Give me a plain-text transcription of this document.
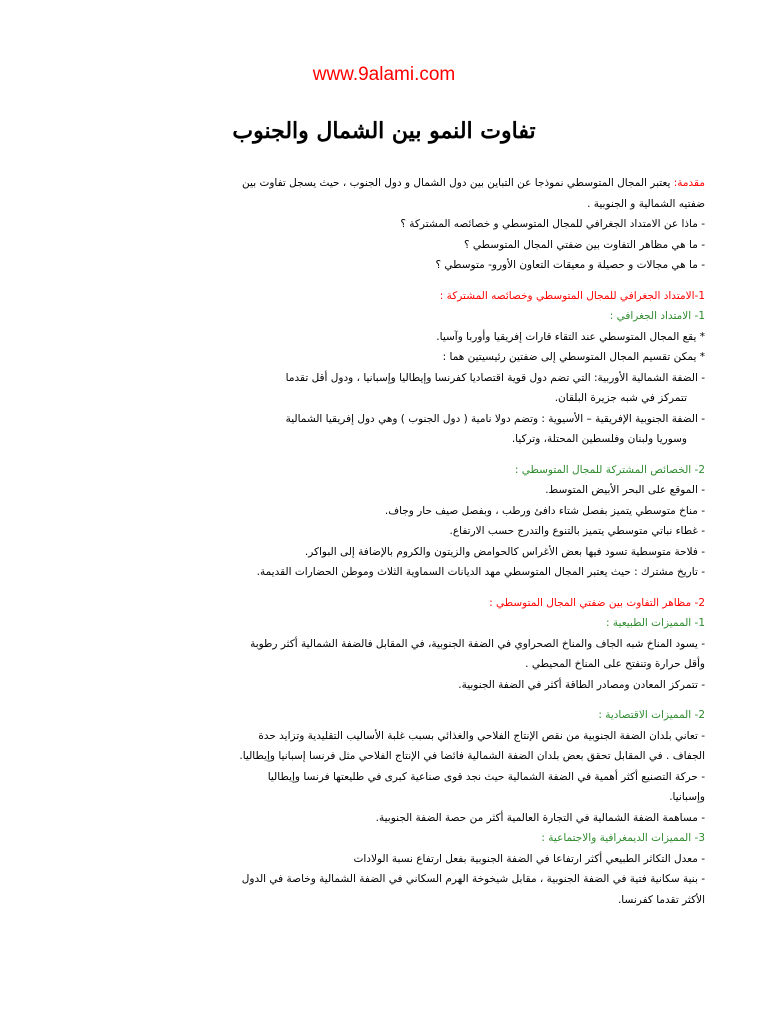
www.9alami.com
تفاوت النمو بين الشمال والجنوب
مقدمة: يعتبر المجال المتوسطي نموذجا عن التباين بين دول الشمال و دول الجنوب ، حيث يسجل تفاوت بين
ضفتيه الشمالية و الجنوبية .
- ماذا عن الامتداد الجغرافي للمجال المتوسطي و خصائصه المشتركة ؟
- ما هي مظاهر التفاوت بين ضفتي المجال المتوسطي ؟
- ما هي مجالات و حصيلة و معيقات التعاون الأورو- متوسطي ؟
1-الامتداد الجغرافي للمجال المتوسطي وخصائصه المشتركة :
1- الامتداد الجغرافي :
* يقع المجال المتوسطي عند التقاء قارات إفريقيا وأوربا وآسيا.
* يمكن تقسيم المجال المتوسطي إلى ضفتين رئيسيتين هما :
- الضفة الشمالية الأوربية: التي تضم دول قوية اقتصاديا كفرنسا وإيطاليا وإسبانيا ، ودول أقل تقدما
تتمركز في شبه جزيرة البلقان.
- الضفة الجنوبية الإفريقية – الأسيوية : وتضم دولا نامية ( دول الجنوب ) وهي دول إفريقيا الشمالية
وسوريا ولبنان وفلسطين المحتلة، وتركيا.
2- الخصائص المشتركة للمجال المتوسطي :
- الموقع على البحر الأبيض المتوسط.
- مناخ متوسطي يتميز بفصل شتاء دافئ ورطب ، وبفصل صيف حار وجاف.
- غطاء نباتي متوسطي يتميز بالتنوع والتدرج حسب الارتفاع.
- فلاحة متوسطية تسود فيها بعض الأغراس كالحوامض والزيتون والكروم بالإضافة إلى البواكر.
- تاريخ مشترك : حيث يعتبر المجال المتوسطي مهد الديانات السماوية الثلاث وموطن الحضارات القديمة.
2- مظاهر التفاوت بين ضفتي المجال المتوسطي :
1- المميزات الطبيعية :
- يسود المناخ شبه الجاف والمناخ الصحراوي في الضفة الجنوبية، في المقابل فالضفة الشمالية أكثر رطوبة
وأقل حرارة وتنفتح على المناخ المحيطي .
- تتمركز المعادن ومصادر الطاقة أكثر في الضفة الجنوبية.
2- المميزات الاقتصادية :
- تعاني بلدان الضفة الجنوبية من نقص الإنتاج الفلاحي والغذائي بسبب غلبة الأساليب التقليدية وتزايد حدة
الجفاف . في المقابل تحقق بعض بلدان الضفة الشمالية فائضا في الإنتاج الفلاحي مثل فرنسا إسبانيا وإيطاليا.
- حركة التصنيع أكثر أهمية في الضفة الشمالية حيث نجد قوى صناعية كبرى في طليعتها فرنسا وإيطاليا
وإسبانيا.
- مساهمة الضفة الشمالية في التجارة العالمية أكثر من حصة الضفة الجنوبية.
3- المميزات الديمغرافية والاجتماعية :
- معدل التكاثر الطبيعي أكثر ارتفاعا في الضفة الجنوبية بفعل ارتفاع نسبة الولادات
- بنية سكانية فتية في الضفة الجنوبية ، مقابل شيخوخة الهرم السكاني في الضفة الشمالية وخاصة في الدول
الأكثر تقدما كفرنسا.
